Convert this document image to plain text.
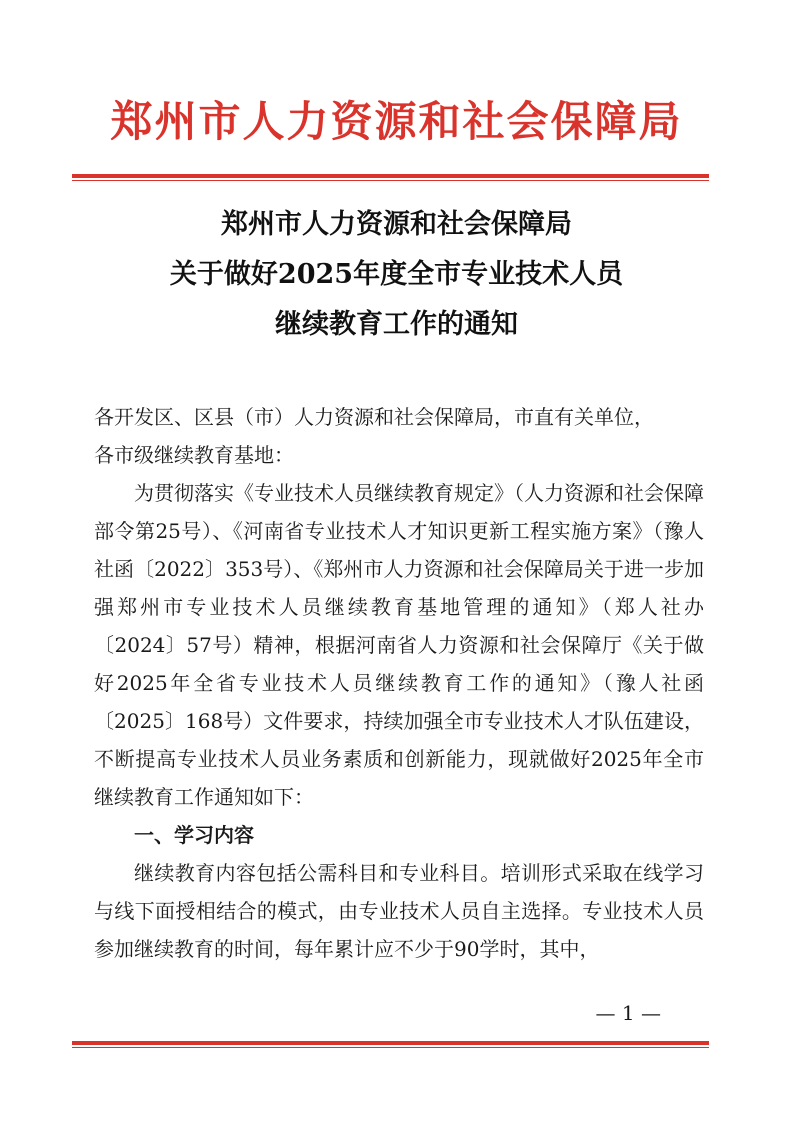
郑州市人力资源和社会保障局
郑州市人力资源和社会保障局
关于做好2025年度全市专业技术人员
继续教育工作的通知

各开发区、区县（市）人力资源和社会保障局，市直有关单位，

各市级继续教育基地：

为贯彻落实《专业技术人员继续教育规定》（人力资源和社会保障部令第25号）、《河南省专业技术人才知识更新工程实施方案》（豫人社函〔2022〕353号）、《郑州市人力资源和社会保障局关于进一步加强郑州市专业技术人员继续教育基地管理的通知》（郑人社办〔2024〕57号）精神，根据河南省人力资源和社会保障厅《关于做好2025年全省专业技术人员继续教育工作的通知》（豫人社函〔2025〕168号）文件要求，持续加强全市专业技术人才队伍建设，不断提高专业技术人员业务素质和创新能力，现就做好2025年全市继续教育工作通知如下：

一、学习内容

继续教育内容包括公需科目和专业科目。培训形式采取在线学习与线下面授相结合的模式，由专业技术人员自主选择。专业技术人员参加继续教育的时间，每年累计应不少于90学时，其中，

— 1 —
